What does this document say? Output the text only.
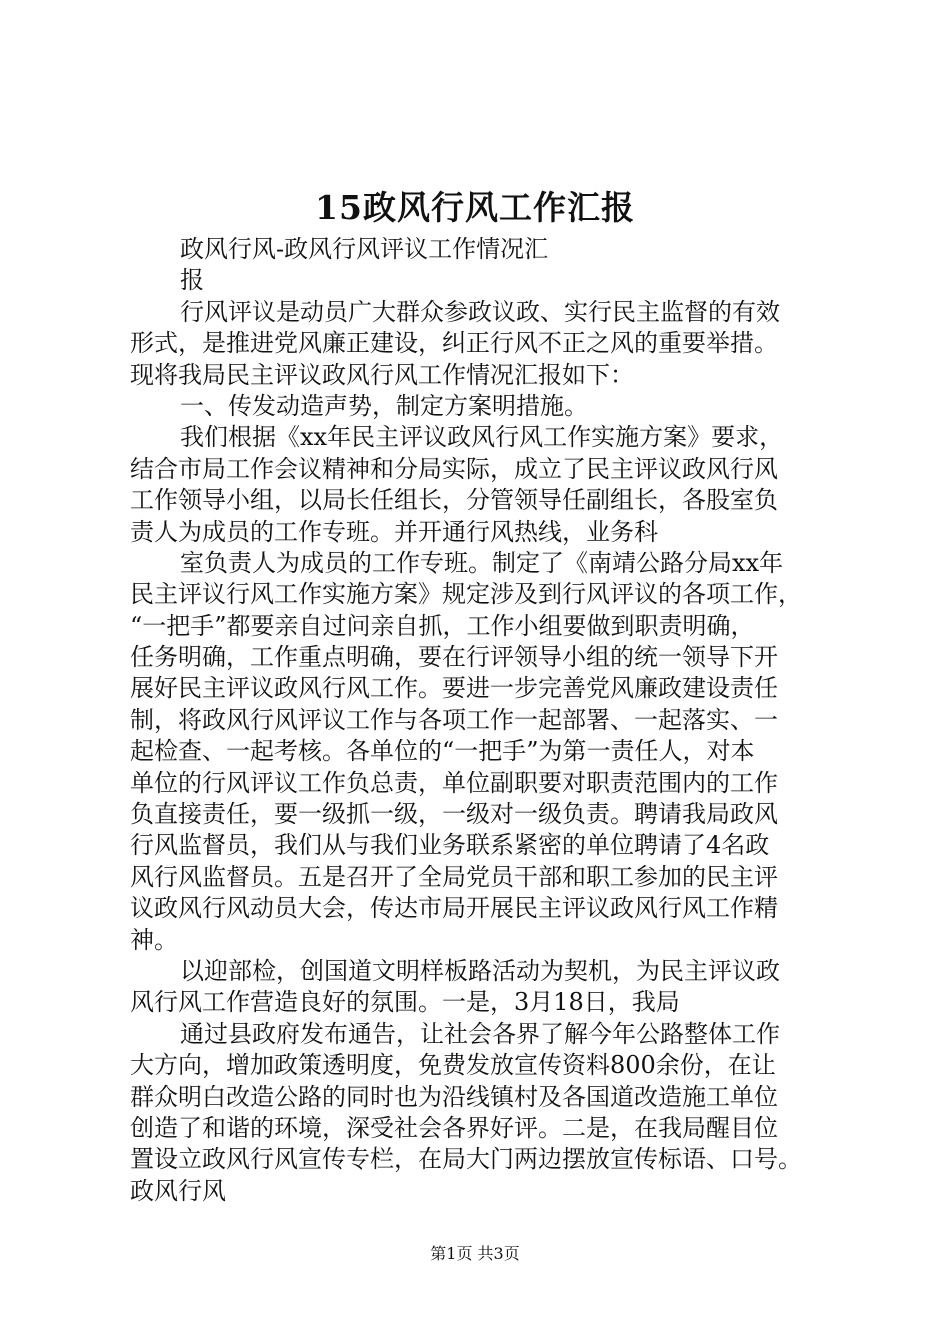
15政风行风工作汇报
政风行风-政风行风评议工作情况汇
报
行风评议是动员广大群众参政议政、实行民主监督的有效
形式，是推进党风廉正建设，纠正行风不正之风的重要举措。
现将我局民主评议政风行风工作情况汇报如下：
一、传发动造声势，制定方案明措施。
我们根据《xx年民主评议政风行风工作实施方案》要求，
结合市局工作会议精神和分局实际，成立了民主评议政风行风
工作领导小组，以局长任组长，分管领导任副组长，各股室负
责人为成员的工作专班。并开通行风热线，业务科
室负责人为成员的工作专班。制定了《南靖公路分局xx年
民主评议行风工作实施方案》规定涉及到行风评议的各项工作，
“一把手”都要亲自过问亲自抓，工作小组要做到职责明确，
任务明确，工作重点明确，要在行评领导小组的统一领导下开
展好民主评议政风行风工作。要进一步完善党风廉政建设责任
制，将政风行风评议工作与各项工作一起部署、一起落实、一
起检查、一起考核。各单位的“一把手”为第一责任人，对本
单位的行风评议工作负总责，单位副职要对职责范围内的工作
负直接责任，要一级抓一级，一级对一级负责。聘请我局政风
行风监督员，我们从与我们业务联系紧密的单位聘请了4名政
风行风监督员。五是召开了全局党员干部和职工参加的民主评
议政风行风动员大会，传达市局开展民主评议政风行风工作精
神。
以迎部检，创国道文明样板路活动为契机，为民主评议政
风行风工作营造良好的氛围。一是，3月18日，我局
通过县政府发布通告，让社会各界了解今年公路整体工作
大方向，增加政策透明度，免费发放宣传资料800余份，在让
群众明白改造公路的同时也为沿线镇村及各国道改造施工单位
创造了和谐的环境，深受社会各界好评。二是，在我局醒目位
置设立政风行风宣传专栏，在局大门两边摆放宣传标语、口号。
政风行风
第1页 共3页
